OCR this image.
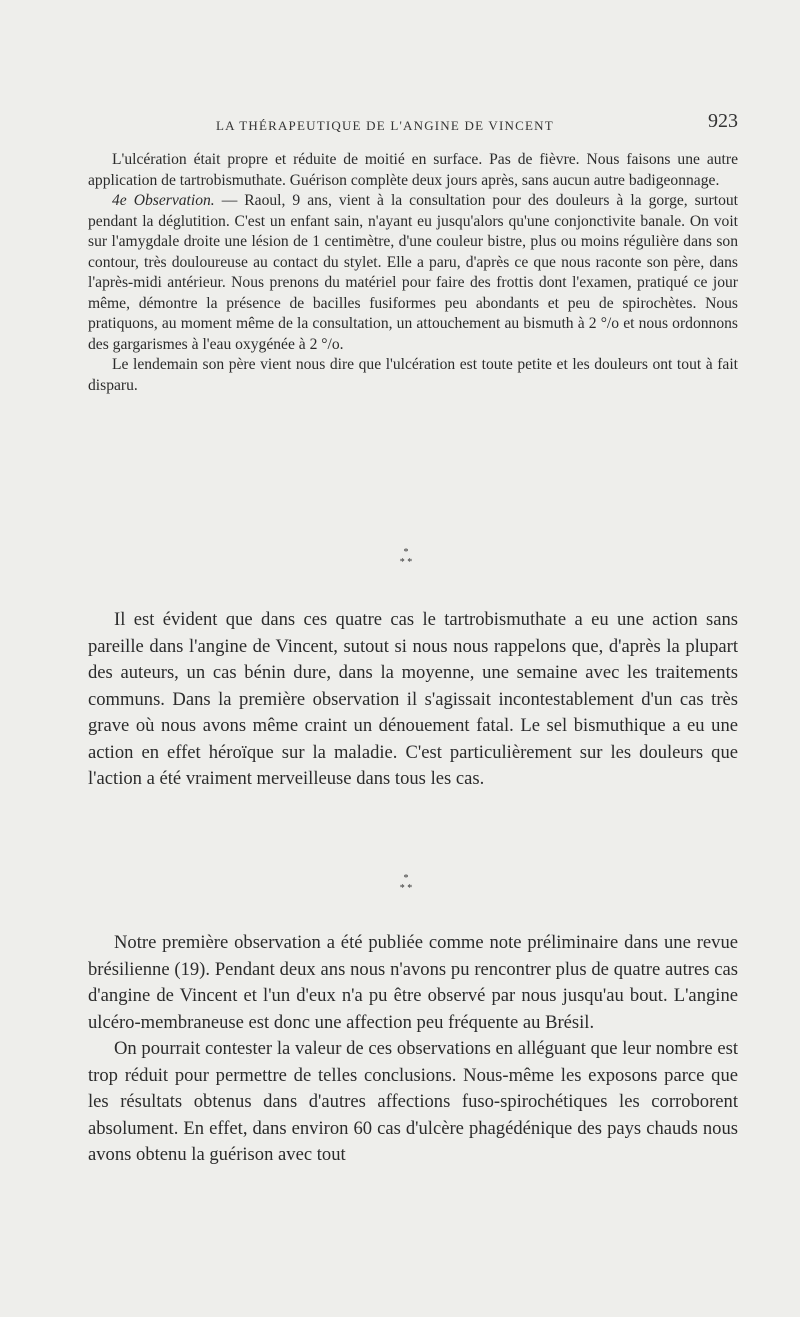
LA THÉRAPEUTIQUE DE L'ANGINE DE VINCENT	923

L'ulcération était propre et réduite de moitié en surface. Pas de fièvre. Nous faisons une autre application de tartrobismuthate. Guérison complète deux jours après, sans aucun autre badigeonnage.

4e Observation. — Raoul, 9 ans, vient à la consultation pour des douleurs à la gorge, surtout pendant la déglutition. C'est un enfant sain, n'ayant eu jusqu'alors qu'une conjonctivite banale. On voit sur l'amygdale droite une lésion de 1 centimètre, d'une couleur bistre, plus ou moins régulière dans son contour, très douloureuse au contact du stylet. Elle a paru, d'après ce que nous raconte son père, dans l'après-midi antérieur. Nous prenons du matériel pour faire des frottis dont l'examen, pratiqué ce jour même, démontre la présence de bacilles fusiformes peu abondants et peu de spirochètes. Nous pratiquons, au moment même de la consultation, un attouchement au bismuth à 2 °/o et nous ordonnons des gargarismes à l'eau oxygénée à 2 °/o.

Le lendemain son père vient nous dire que l'ulcération est toute petite et les douleurs ont tout à fait disparu.

*
* *

Il est évident que dans ces quatre cas le tartrobismuthate a eu une action sans pareille dans l'angine de Vincent, sutout si nous nous rappelons que, d'après la plupart des auteurs, un cas bénin dure, dans la moyenne, une semaine avec les traitements communs. Dans la première observation il s'agissait incontestablement d'un cas très grave où nous avons même craint un dénouement fatal. Le sel bismuthique a eu une action en effet héroïque sur la maladie. C'est particulièrement sur les douleurs que l'action a été vraiment merveilleuse dans tous les cas.

*
* *

Notre première observation a été publiée comme note préliminaire dans une revue brésilienne (19). Pendant deux ans nous n'avons pu rencontrer plus de quatre autres cas d'angine de Vincent et l'un d'eux n'a pu être observé par nous jusqu'au bout. L'angine ulcéro-membraneuse est donc une affection peu fréquente au Brésil.

On pourrait contester la valeur de ces observations en alléguant que leur nombre est trop réduit pour permettre de telles conclusions. Nous-même les exposons parce que les résultats obtenus dans d'autres affections fuso-spirochétiques les corroborent absolument. En effet, dans environ 60 cas d'ulcère phagédénique des pays chauds nous avons obtenu la guérison avec tout
